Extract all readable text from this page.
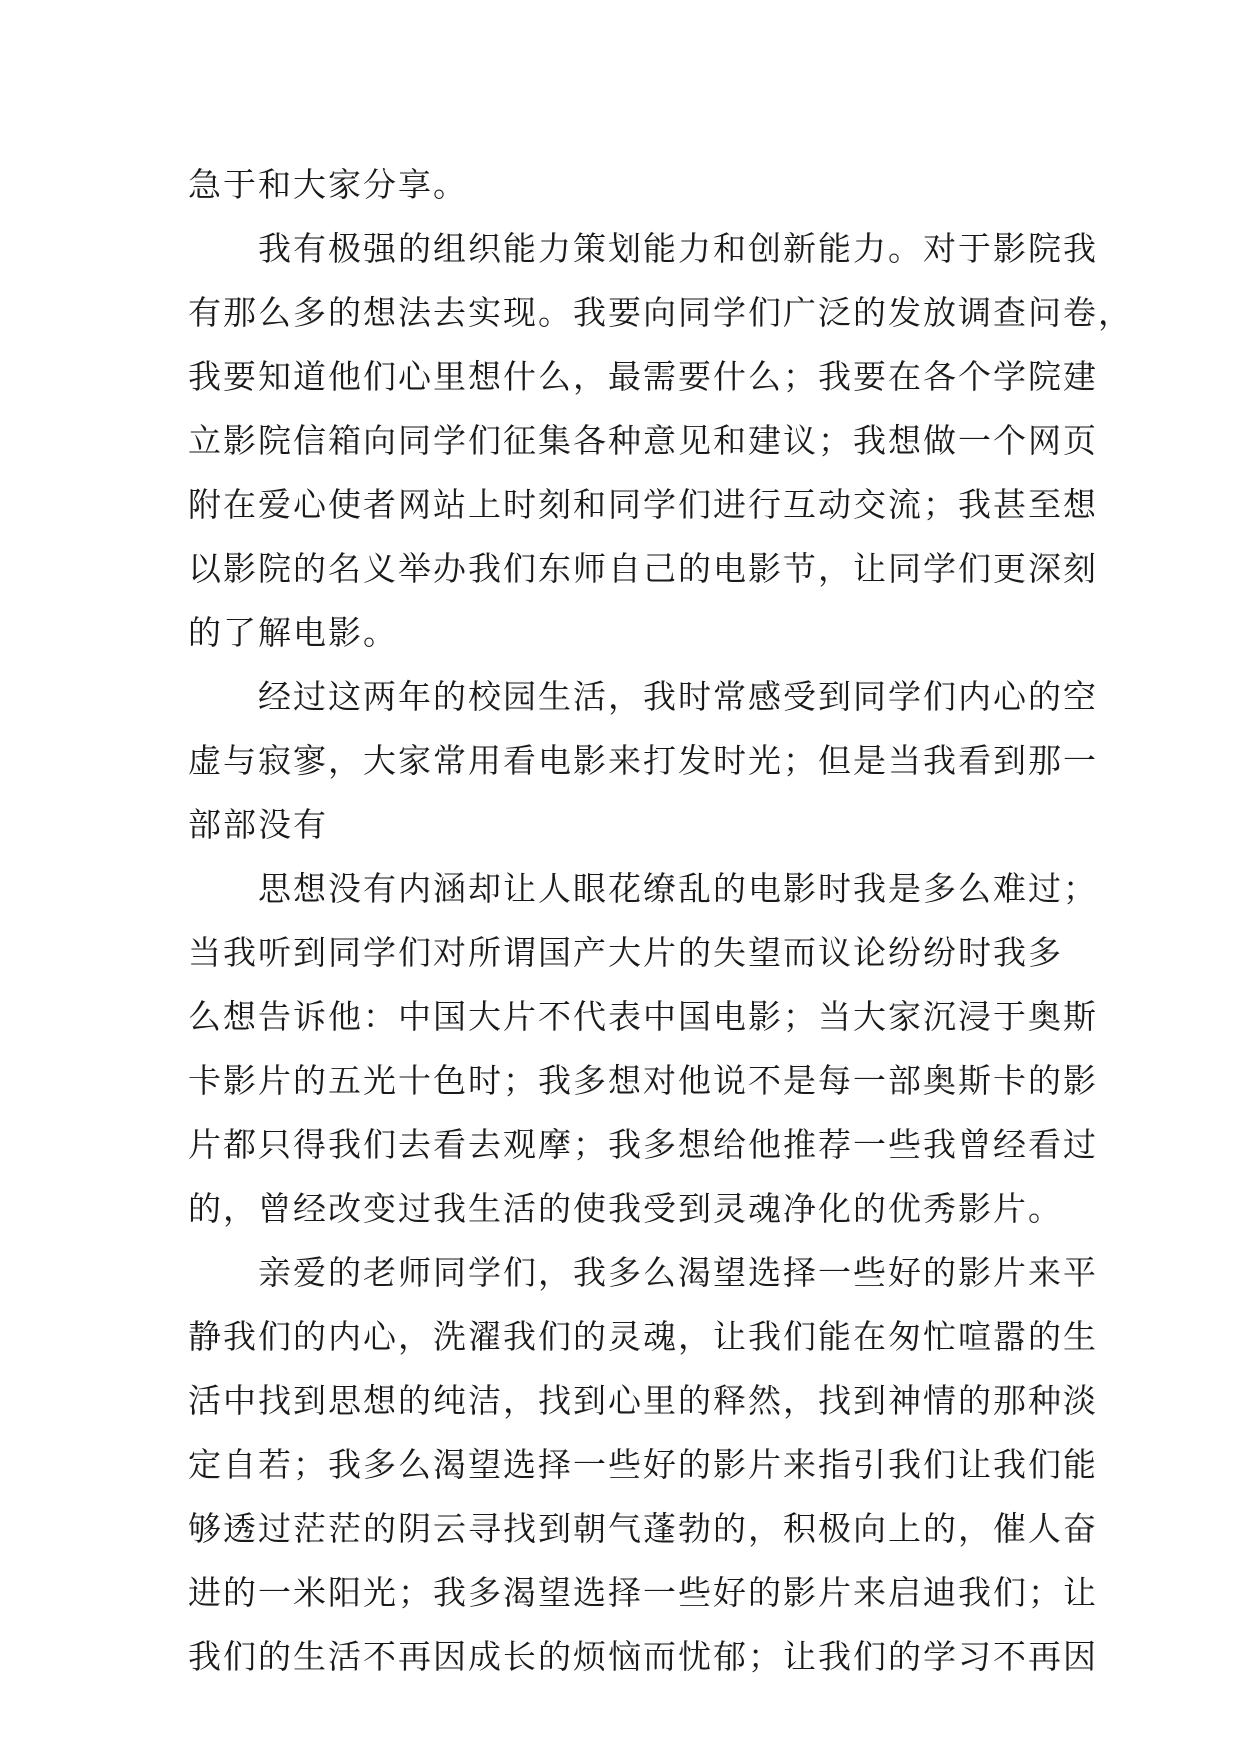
急于和大家分享。
我有极强的组织能力策划能力和创新能力。对于影院我
有那么多的想法去实现。我要向同学们广泛的发放调查问卷，
我要知道他们心里想什么，最需要什么；我要在各个学院建
立影院信箱向同学们征集各种意见和建议；我想做一个网页
附在爱心使者网站上时刻和同学们进行互动交流；我甚至想
以影院的名义举办我们东师自己的电影节，让同学们更深刻
的了解电影。
经过这两年的校园生活，我时常感受到同学们内心的空
虚与寂寥，大家常用看电影来打发时光；但是当我看到那一
部部没有
思想没有内涵却让人眼花缭乱的电影时我是多么难过；
当我听到同学们对所谓国产大片的失望而议论纷纷时我多
么想告诉他：中国大片不代表中国电影；当大家沉浸于奥斯
卡影片的五光十色时；我多想对他说不是每一部奥斯卡的影
片都只得我们去看去观摩；我多想给他推荐一些我曾经看过
的，曾经改变过我生活的使我受到灵魂净化的优秀影片。
亲爱的老师同学们，我多么渴望选择一些好的影片来平
静我们的内心，洗濯我们的灵魂，让我们能在匆忙喧嚣的生
活中找到思想的纯洁，找到心里的释然，找到神情的那种淡
定自若；我多么渴望选择一些好的影片来指引我们让我们能
够透过茫茫的阴云寻找到朝气蓬勃的，积极向上的，催人奋
进的一米阳光；我多渴望选择一些好的影片来启迪我们；让
我们的生活不再因成长的烦恼而忧郁；让我们的学习不再因
